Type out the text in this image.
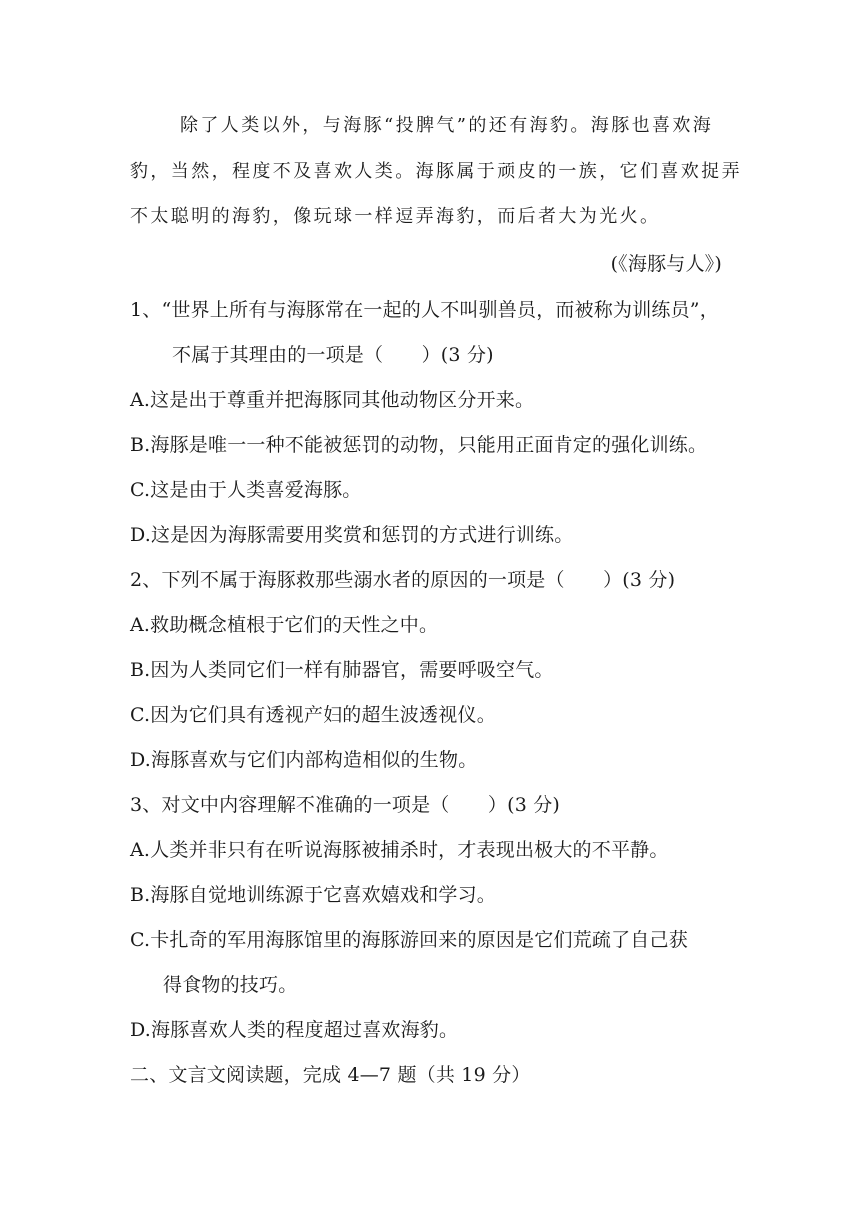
除了人类以外，与海豚“投脾气”的还有海豹。海豚也喜欢海
豹，当然，程度不及喜欢人类。海豚属于顽皮的一族，它们喜欢捉弄
不太聪明的海豹，像玩球一样逗弄海豹，而后者大为光火。
(《海豚与人》)
1、“世界上所有与海豚常在一起的人不叫驯兽员，而被称为训练员”，
不属于其理由的一项是（　　）(3 分)
A.这是出于尊重并把海豚同其他动物区分开来。
B.海豚是唯一一种不能被惩罚的动物，只能用正面肯定的强化训练。
C.这是由于人类喜爱海豚。
D.这是因为海豚需要用奖赏和惩罚的方式进行训练。
2、下列不属于海豚救那些溺水者的原因的一项是（　　）(3 分)
A.救助概念植根于它们的天性之中。
B.因为人类同它们一样有肺器官，需要呼吸空气。
C.因为它们具有透视产妇的超生波透视仪。
D.海豚喜欢与它们内部构造相似的生物。
3、对文中内容理解不准确的一项是（　　）(3 分)
A.人类并非只有在听说海豚被捕杀时，才表现出极大的不平静。
B.海豚自觉地训练源于它喜欢嬉戏和学习。
C.卡扎奇的军用海豚馆里的海豚游回来的原因是它们荒疏了自己获
得食物的技巧。
D.海豚喜欢人类的程度超过喜欢海豹。
二、文言文阅读题，完成 4—7 题（共 19 分）
